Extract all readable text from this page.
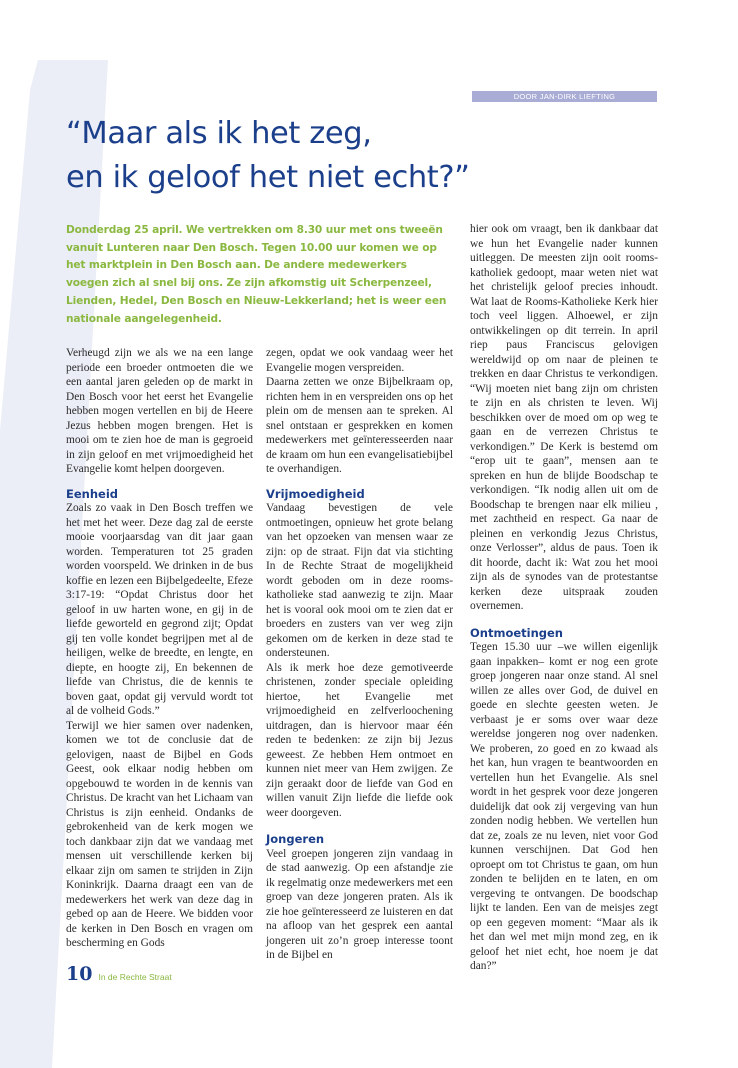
DOOR JAN-DIRK LIEFTING
“Maar als ik het zeg,
en ik geloof het niet echt?”

Donderdag 25 april. We vertrekken om 8.30 uur met ons tweeën vanuit Lunteren naar Den Bosch. Tegen 10.00 uur komen we op het marktplein in Den Bosch aan. De andere medewerkers voegen zich al snel bij ons. Ze zijn afkomstig uit Scherpenzeel, Lienden, Hedel, Den Bosch en Nieuw-Lekkerland; het is weer een nationale aangelegenheid.

Verheugd zijn we als we na een lange periode een broeder ontmoeten die we een aantal jaren geleden op de markt in Den Bosch voor het eerst het Evangelie hebben mogen vertellen en bij de Heere Jezus hebben mogen brengen. Het is mooi om te zien hoe de man is gegroeid in zijn geloof en met vrijmoedigheid het Evangelie komt helpen doorgeven.

Eenheid

Zoals zo vaak in Den Bosch treffen we het met het weer. Deze dag zal de eerste mooie voorjaarsdag van dit jaar gaan worden. Temperaturen tot 25 graden worden voorspeld. We drinken in de bus koffie en lezen een Bijbelgedeelte, Efeze 3:17-19: “Opdat Christus door het geloof in uw harten wone, en gij in de liefde geworteld en gegrond zijt; Opdat gij ten volle kondet begrijpen met al de heiligen, welke de breedte, en lengte, en diepte, en hoogte zij, En bekennen de liefde van Christus, die de kennis te boven gaat, opdat gij vervuld wordt tot al de volheid Gods.”

Terwijl we hier samen over nadenken, komen we tot de conclusie dat de gelovigen, naast de Bijbel en Gods Geest, ook elkaar nodig hebben om opgebouwd te worden in de kennis van Christus. De kracht van het Lichaam van Christus is zijn eenheid. Ondanks de gebrokenheid van de kerk mogen we toch dankbaar zijn dat we vandaag met mensen uit verschillende kerken bij elkaar zijn om samen te strijden in Zijn Koninkrijk. Daarna draagt een van de medewerkers het werk van deze dag in gebed op aan de Heere. We bidden voor de kerken in Den Bosch en vragen om bescherming en Gods

zegen, opdat we ook vandaag weer het Evangelie mogen verspreiden.

Daarna zetten we onze Bijbelkraam op, richten hem in en verspreiden ons op het plein om de mensen aan te spreken. Al snel ontstaan er gesprekken en komen medewerkers met geïnteresseerden naar de kraam om hun een evangelisatiebijbel te overhandigen.

Vrijmoedigheid

Vandaag bevestigen de vele ontmoetingen, opnieuw het grote belang van het opzoeken van mensen waar ze zijn: op de straat. Fijn dat via stichting In de Rechte Straat de mogelijkheid wordt geboden om in deze rooms-katholieke stad aanwezig te zijn. Maar het is vooral ook mooi om te zien dat er broeders en zusters van ver weg zijn gekomen om de kerken in deze stad te ondersteunen.

Als ik merk hoe deze gemotiveerde christenen, zonder speciale opleiding hiertoe, het Evangelie met vrijmoedigheid en zelfverloochening uitdragen, dan is hiervoor maar één reden te bedenken: ze zijn bij Jezus geweest. Ze hebben Hem ontmoet en kunnen niet meer van Hem zwijgen. Ze zijn geraakt door de liefde van God en willen vanuit Zijn liefde die liefde ook weer doorgeven.

Jongeren

Veel groepen jongeren zijn vandaag in de stad aanwezig. Op een afstandje zie ik regelmatig onze medewerkers met een groep van deze jongeren praten. Als ik zie hoe geïnteresseerd ze luisteren en dat na afloop van het gesprek een aantal jongeren uit zo’n groep interesse toont in de Bijbel en

hier ook om vraagt, ben ik dankbaar dat we hun het Evangelie nader kunnen uitleggen. De meesten zijn ooit rooms-katholiek gedoopt, maar weten niet wat het christelijk geloof precies inhoudt. Wat laat de Rooms-Katholieke Kerk hier toch veel liggen. Alhoewel, er zijn ontwikkelingen op dit terrein. In april riep paus Franciscus gelovigen wereldwijd op om naar de pleinen te trekken en daar Christus te verkondigen. “Wij moeten niet bang zijn om christen te zijn en als christen te leven. Wij beschikken over de moed om op weg te gaan en de verrezen Christus te verkondigen.” De Kerk is bestemd om “erop uit te gaan”, mensen aan te spreken en hun de blijde Boodschap te verkondigen. “Ik nodig allen uit om de Boodschap te brengen naar elk milieu , met zachtheid en respect. Ga naar de pleinen en verkondig Jezus Christus, onze Verlosser”, aldus de paus. Toen ik dit hoorde, dacht ik: Wat zou het mooi zijn als de synodes van de protestantse kerken deze uitspraak zouden overnemen.

Ontmoetingen

Tegen 15.30 uur –we willen eigenlijk gaan inpakken– komt er nog een grote groep jongeren naar onze stand. Al snel willen ze alles over God, de duivel en goede en slechte geesten weten. Je verbaast je er soms over waar deze wereldse jongeren nog over nadenken. We proberen, zo goed en zo kwaad als het kan, hun vragen te beantwoorden en vertellen hun het Evangelie. Als snel wordt in het gesprek voor deze jongeren duidelijk dat ook zij vergeving van hun zonden nodig hebben. We vertellen hun dat ze, zoals ze nu leven, niet voor God kunnen verschijnen. Dat God hen oproept om tot Christus te gaan, om hun zonden te belijden en te laten, en om vergeving te ontvangen. De boodschap lijkt te landen. Een van de meisjes zegt op een gegeven moment: “Maar als ik het dan wel met mijn mond zeg, en ik geloof het niet echt, hoe noem je dat dan?”

10 In de Rechte Straat
